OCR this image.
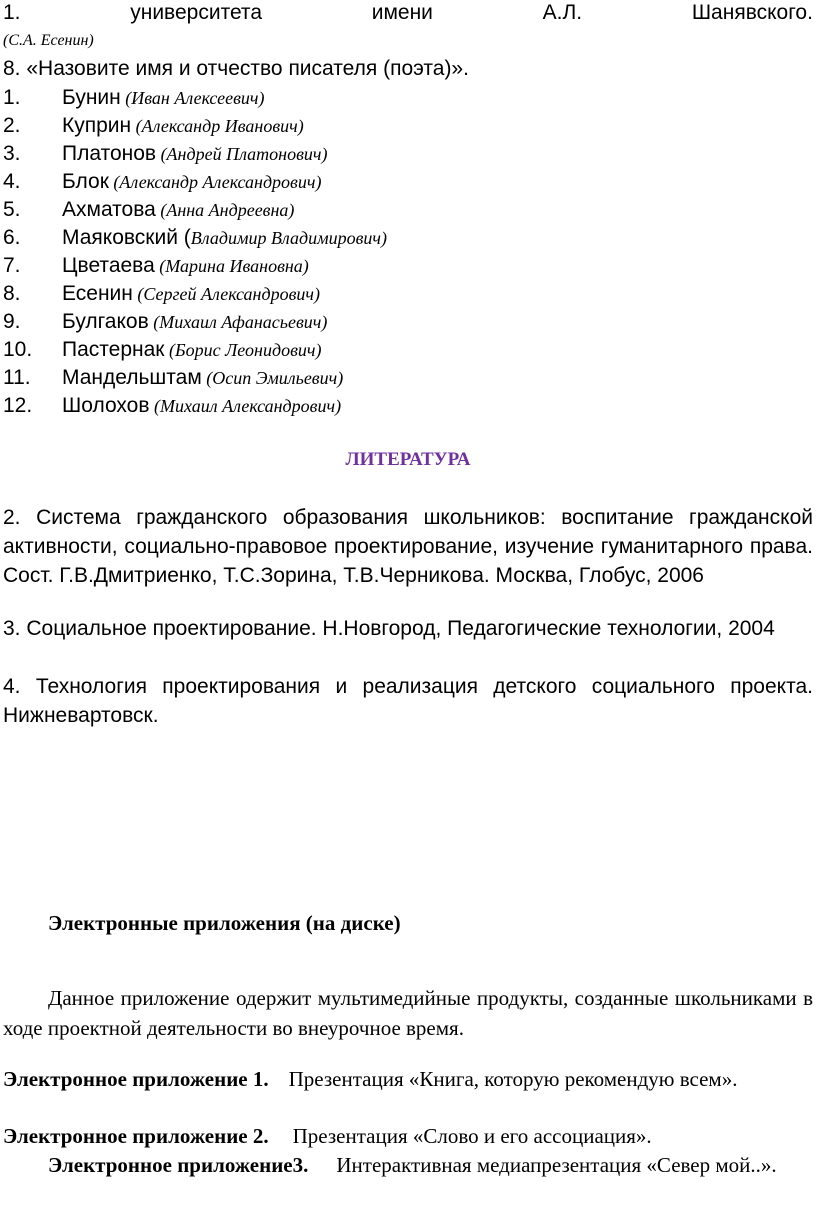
1.	университета	имени	А.Л.	Шанявского.
(С.А. Есенин)
8. «Назовите имя и отчество писателя (поэта)».
1. Бунин (Иван Алексеевич)
2. Куприн (Александр Иванович)
3. Платонов (Андрей Платонович)
4. Блок (Александр Александрович)
5. Ахматова (Анна Андреевна)
6. Маяковский (Владимир Владимирович)
7. Цветаева (Марина Ивановна)
8. Есенин (Сергей Александрович)
9. Булгаков (Михаил Афанасьевич)
10. Пастернак (Борис Леонидович)
11. Мандельштам (Осип Эмильевич)
12. Шолохов (Михаил Александрович)
ЛИТЕРАТУРА

2. Система гражданского образования школьников: воспитание гражданской активности, социально-правовое проектирование, изучение гуманитарного права. Сост. Г.В.Дмитриенко, Т.С.Зорина, Т.В.Черникова. Москва, Глобус, 2006

3. Социальное проектирование. Н.Новгород, Педагогические технологии, 2004

4. Технология проектирования и реализация детского социального проекта. Нижневартовск.

Электронные приложения (на диске)

Данное приложение одержит мультимедийные продукты, созданные школьниками в ходе проектной деятельности во внеурочное время.

Электронное приложение 1. Презентация «Книга, которую рекомендую всем».

Электронное приложение 2. Презентация «Слово и его ассоциация».

Электронное приложение3. Интерактивная медиапрезентация «Север мой..».
